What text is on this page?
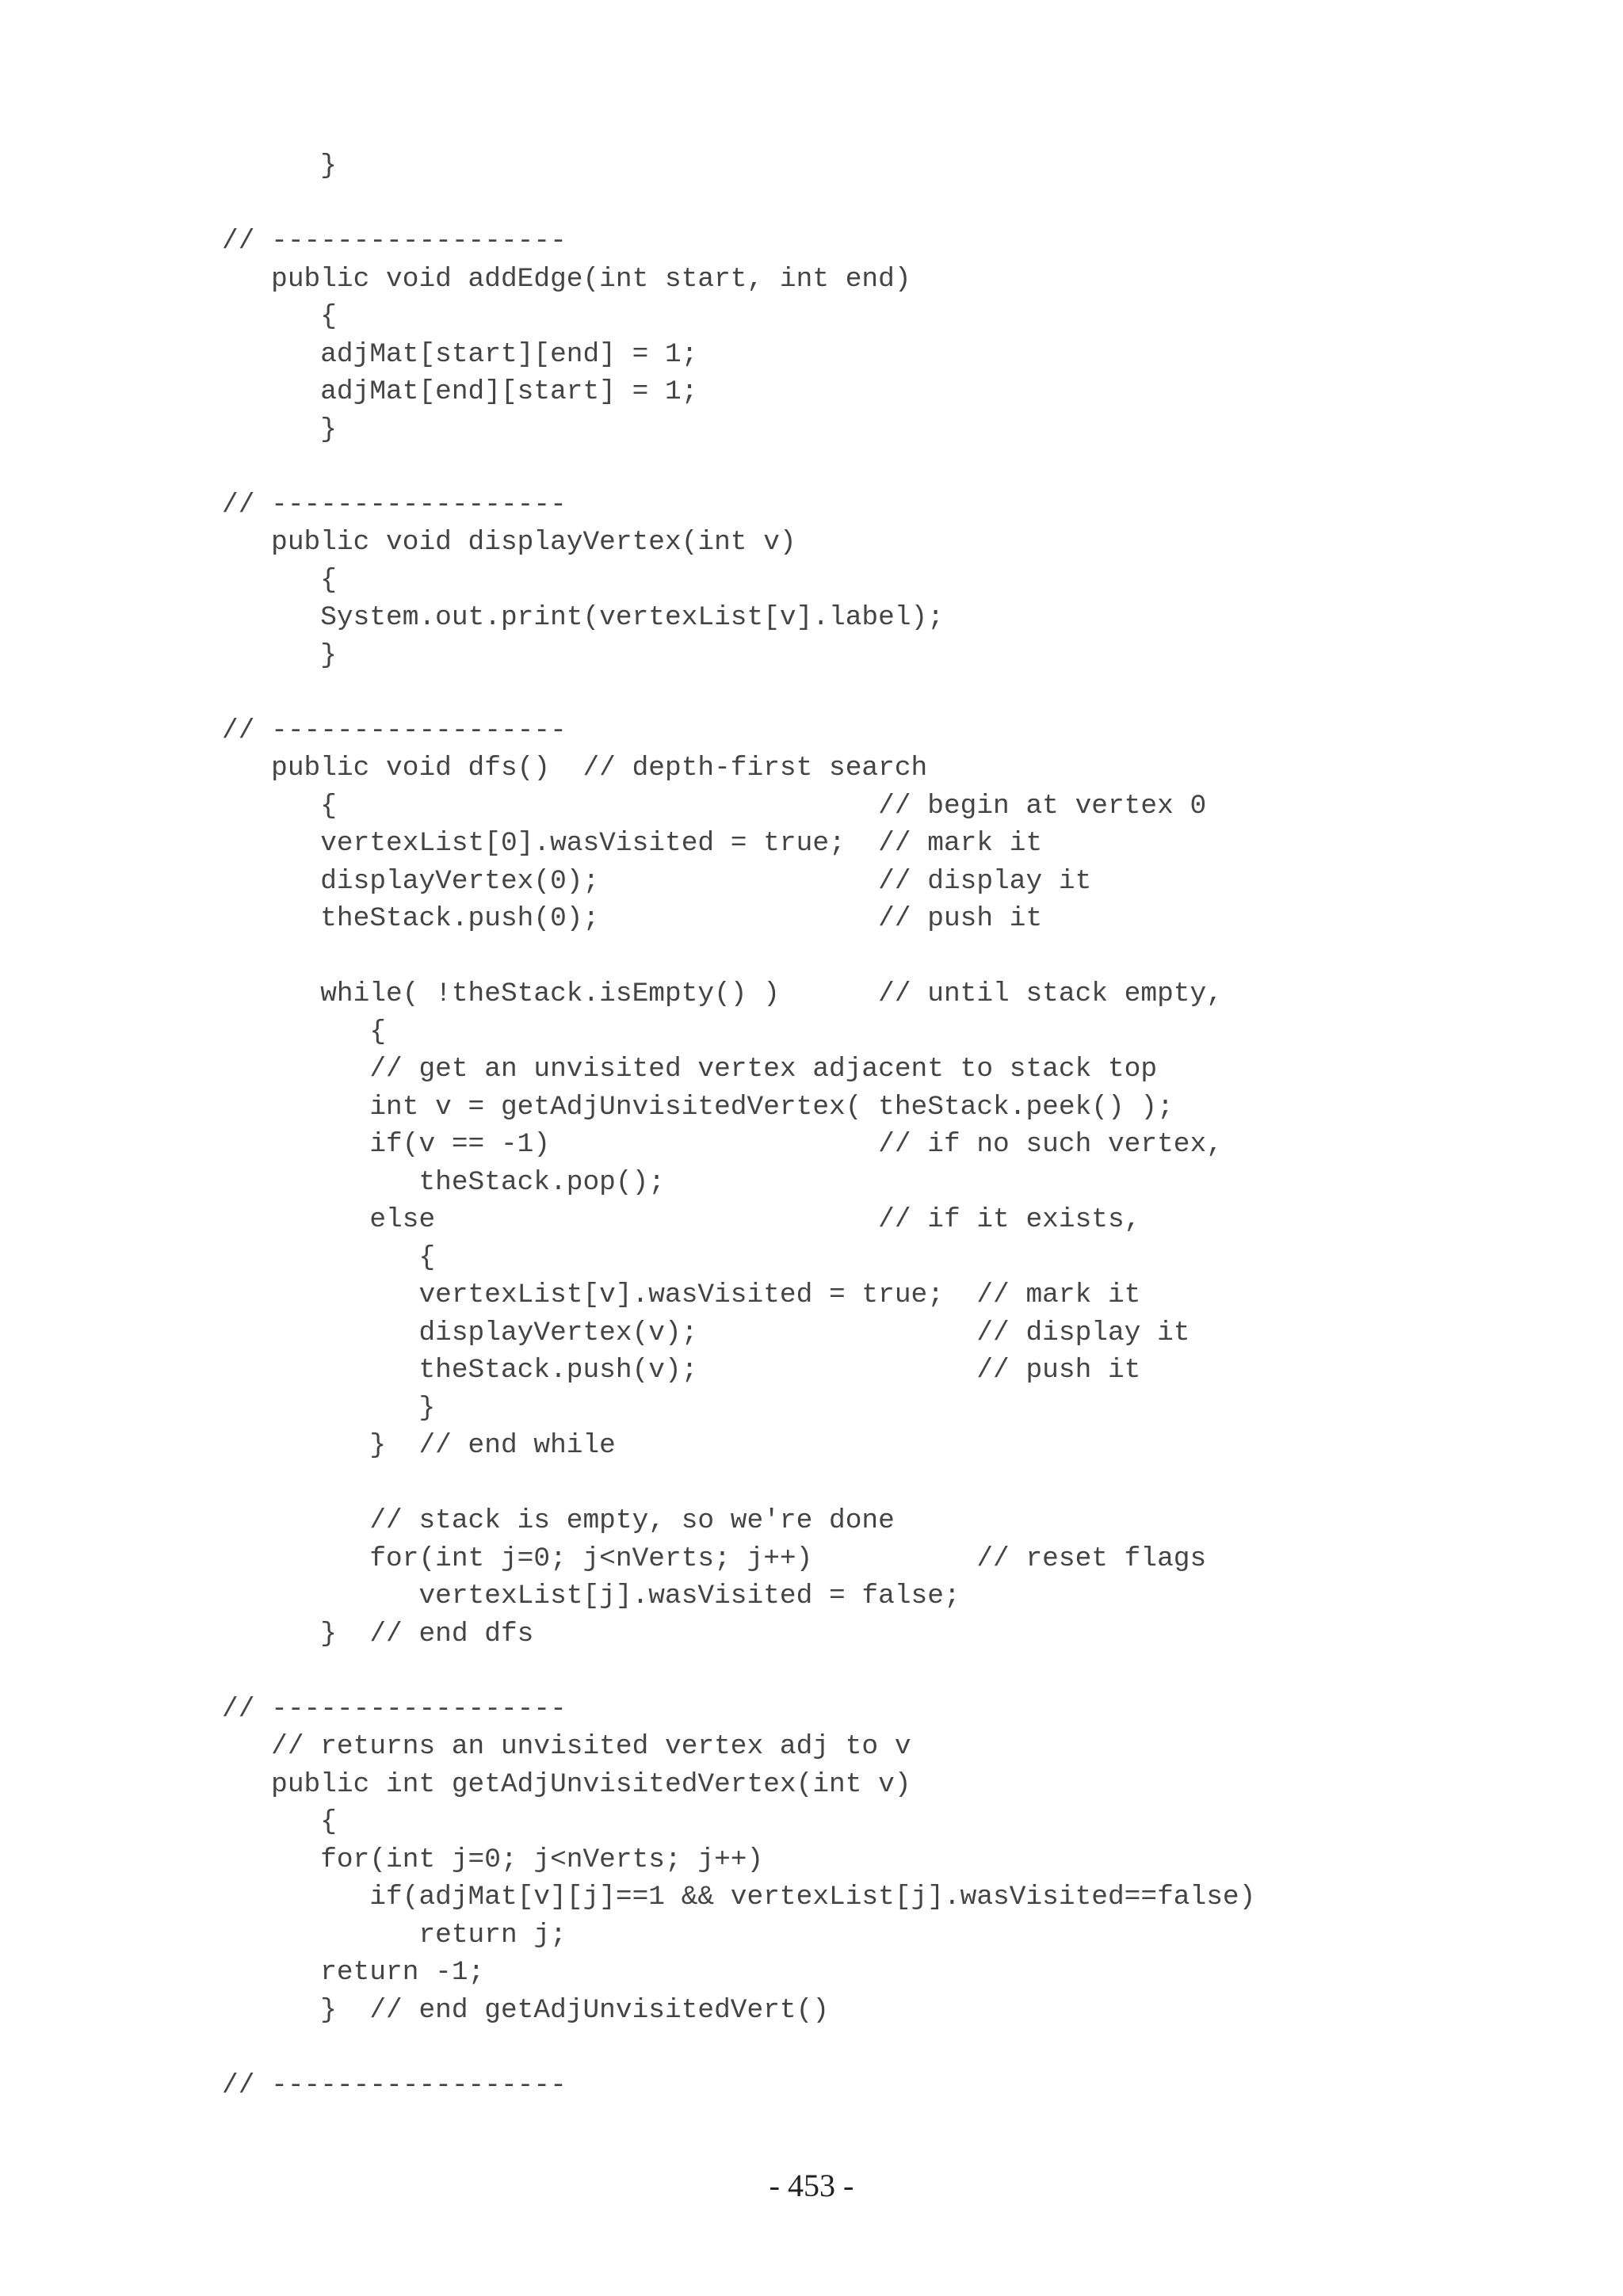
}
// ------------------
public void addEdge(int start, int end)
{
adjMat[start][end] = 1;
adjMat[end][start] = 1;
}
// ------------------
public void displayVertex(int v)
{
System.out.print(vertexList[v].label);
}
// ------------------
public void dfs()  // depth-first search
{                                 // begin at vertex 0
vertexList[0].wasVisited = true;  // mark it
displayVertex(0);                 // display it
theStack.push(0);                 // push it
while( !theStack.isEmpty() )      // until stack empty,
{
// get an unvisited vertex adjacent to stack top
int v = getAdjUnvisitedVertex( theStack.peek() );
if(v == -1)                    // if no such vertex,
theStack.pop();
else                           // if it exists,
{
vertexList[v].wasVisited = true;  // mark it
displayVertex(v);                 // display it
theStack.push(v);                 // push it
}
}  // end while
// stack is empty, so we're done
for(int j=0; j<nVerts; j++)          // reset flags
vertexList[j].wasVisited = false;
}  // end dfs
// ------------------
// returns an unvisited vertex adj to v
public int getAdjUnvisitedVertex(int v)
{
for(int j=0; j<nVerts; j++)
if(adjMat[v][j]==1 && vertexList[j].wasVisited==false)
return j;
return -1;
}  // end getAdjUnvisitedVert()
// ------------------
- 453 -
